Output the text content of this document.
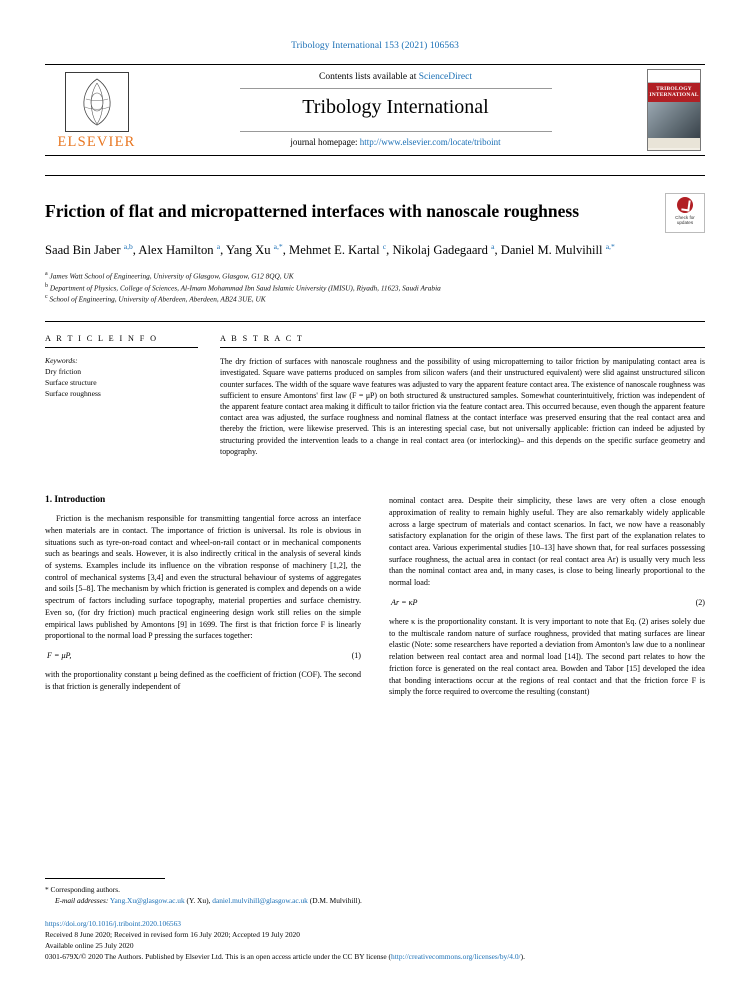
Tribology International 153 (2021) 106563
ELSEVIER
Contents lists available at ScienceDirect
Tribology International
journal homepage: http://www.elsevier.com/locate/triboint
TRIBOLOGY
INTERNATIONAL
Check for
updates
Friction of flat and micropatterned interfaces with nanoscale roughness
Saad Bin Jaber $^{a,b}$, Alex Hamilton $^a$, Yang Xu $^{a,*}$, Mehmet E. Kartal $^c$, Nikolaj Gadegaard $^a$, Daniel M. Mulvihill $^{a,*}$
$^a$ James Watt School of Engineering, University of Glasgow, Glasgow, G12 8QQ, UK
$^b$ Department of Physics, College of Sciences, Al-Imam Mohammad Ibn Saud Islamic University (IMISU), Riyadh, 11623, Saudi Arabia
$^c$ School of Engineering, University of Aberdeen, Aberdeen, AB24 3UE, UK
A R T I C L E I N F O
Keywords:
Dry friction
Surface structure
Surface roughness
A B S T R A C T
The dry friction of surfaces with nanoscale roughness and the possibility of using micropatterning to tailor friction by manipulating contact area is investigated. Square wave patterns produced on samples from silicon wafers (and their unstructured equivalent) were slid against unstructured silicon counter surfaces. The width of the square wave features was adjusted to vary the apparent feature contact area. The existence of nanoscale roughness was sufficient to ensure Amontons' first law (F = μP) on both structured & unstructured samples. Somewhat counterintuitively, friction was independent of the apparent feature contact area making it difficult to tailor friction via the feature contact area. This occurred because, even though the apparent feature contact area was adjusted, the surface roughness and nominal flatness at the contact interface was preserved ensuring that the real contact area and thereby the friction, were likewise preserved. This is an interesting special case, but not universally applicable: friction can indeed be adjusted by structuring provided the intervention leads to a change in real contact area (or interlocking)– and this depends on the specific surface geometry and topography.
1. Introduction

Friction is the mechanism responsible for transmitting tangential force across an interface when materials are in contact. The importance of friction is universal. Its role is obvious in situations such as tyre-on-road contact and wheel-on-rail contact or in mechanical components such as bearings and seals. However, it is also indirectly critical in the analysis of several kinds of systems. Examples include its influence on the vibration response of machinery [1,2], the control of mechanical systems [3,4] and even the structural behaviour of systems of aggregates and soils [5–8]. The mechanism by which friction is generated is complex and depends on a wide spectrum of factors including surface topography, material properties and surface chemistry. Even so, (for dry friction) much practical engineering design work still relies on the simple empirical laws published by Amontons [9] in 1699. The first is that friction force F is linearly proportional to the normal load P pressing the surfaces together:

F = μP,	(1)

with the proportionality constant μ being defined as the coefficient of friction (COF). The second is that friction is generally independent of

nominal contact area. Despite their simplicity, these laws are very often a close enough approximation of reality to remain highly useful. They are also remarkably widely applicable across a large spectrum of materials and contact scenarios. In fact, we now have a reasonably satisfactory explanation for the origin of these laws. The first part of the explanation relates to contact area. Various experimental studies [10–13] have shown that, for real surfaces possessing surface roughness, the actual area in contact (or real contact area Ar) is usually very much less than the nominal contact area and, in many cases, is close to being linearly proportional to the normal load:

Ar = κP	(2)

where κ is the proportionality constant. It is very important to note that Eq. (2) arises solely due to the multiscale random nature of surface roughness, provided that mating surfaces are linear elastic (Note: some researchers have reported a deviation from Amonton's law due to a nonlinear relation between real contact area and normal load [14]). The second part relates to how the friction force is generated on the real contact area. Bowden and Tabor [15] developed the idea that bonding interactions occur at the regions of real contact and that the friction force F is simply the force required to overcome the resulting (constant)

* Corresponding authors.
E-mail addresses: Yang.Xu@glasgow.ac.uk (Y. Xu), daniel.mulvihill@glasgow.ac.uk (D.M. Mulvihill).
https://doi.org/10.1016/j.triboint.2020.106563
Received 8 June 2020; Received in revised form 16 July 2020; Accepted 19 July 2020
Available online 25 July 2020
0301-679X/© 2020 The Authors. Published by Elsevier Ltd. This is an open access article under the CC BY license (http://creativecommons.org/licenses/by/4.0/).
